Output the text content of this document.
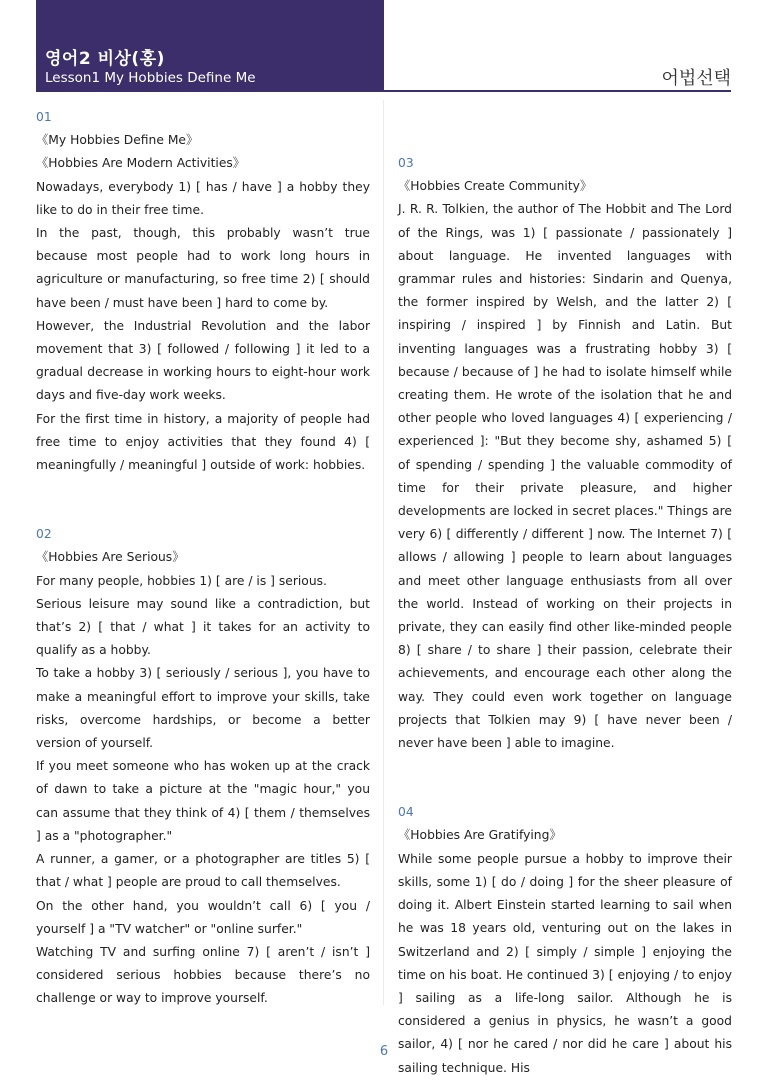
영어2 비상(홍)
Lesson1 My Hobbies Define Me	어법선택

01

《My Hobbies Define Me》

《Hobbies Are Modern Activities》

Nowadays, everybody 1) [ has / have ] a hobby they like to do in their free time.

In the past, though, this probably wasn’t true because most people had to work long hours in agriculture or manufacturing, so free time 2) [ should have been / must have been ] hard to come by.

However, the Industrial Revolution and the labor movement that 3) [ followed / following ] it led to a gradual decrease in working hours to eight-hour work days and five-day work weeks.

For the first time in history, a majority of people had free time to enjoy activities that they found 4) [ meaningfully / meaningful ] outside of work: hobbies.

02

《Hobbies Are Serious》

For many people, hobbies 1) [ are / is ] serious.

Serious leisure may sound like a contradiction, but that’s 2) [ that / what ] it takes for an activity to qualify as a hobby.

To take a hobby 3) [ seriously / serious ], you have to make a meaningful effort to improve your skills, take risks, overcome hardships, or become a better version of yourself.

If you meet someone who has woken up at the crack of dawn to take a picture at the "magic hour," you can assume that they think of 4) [ them / themselves ] as a "photographer."

A runner, a gamer, or a photographer are titles 5) [ that / what ] people are proud to call themselves.

On the other hand, you wouldn’t call 6) [ you / yourself ] a "TV watcher" or "online surfer."

Watching TV and surfing online 7) [ aren’t / isn’t ] considered serious hobbies because there’s no challenge or way to improve yourself.

03

《Hobbies Create Community》

J. R. R. Tolkien, the author of The Hobbit and The Lord of the Rings, was 1) [ passionate / passionately ] about language. He invented languages with grammar rules and histories: Sindarin and Quenya, the former inspired by Welsh, and the latter 2) [ inspiring / inspired ] by Finnish and Latin. But inventing languages was a frustrating hobby 3) [ because / because of ] he had to isolate himself while creating them. He wrote of the isolation that he and other people who loved languages 4) [ experiencing / experienced ]: "But they become shy, ashamed 5) [ of spending / spending ] the valuable commodity of time for their private pleasure, and higher developments are locked in secret places." Things are very 6) [ differently / different ] now. The Internet 7) [ allows / allowing ] people to learn about languages and meet other language enthusiasts from all over the world. Instead of working on their projects in private, they can easily find other like-minded people 8) [ share / to share ] their passion, celebrate their achievements, and encourage each other along the way. They could even work together on language projects that Tolkien may 9) [ have never been / never have been ] able to imagine.

04

《Hobbies Are Gratifying》

While some people pursue a hobby to improve their skills, some 1) [ do / doing ] for the sheer pleasure of doing it. Albert Einstein started learning to sail when he was 18 years old, venturing out on the lakes in Switzerland and 2) [ simply / simple ] enjoying the time on his boat. He continued 3) [ enjoying / to enjoy ] sailing as a life-long sailor. Although he is considered a genius in physics, he wasn’t a good sailor, 4) [ nor he cared / nor did he care ] about his sailing technique. His

6
